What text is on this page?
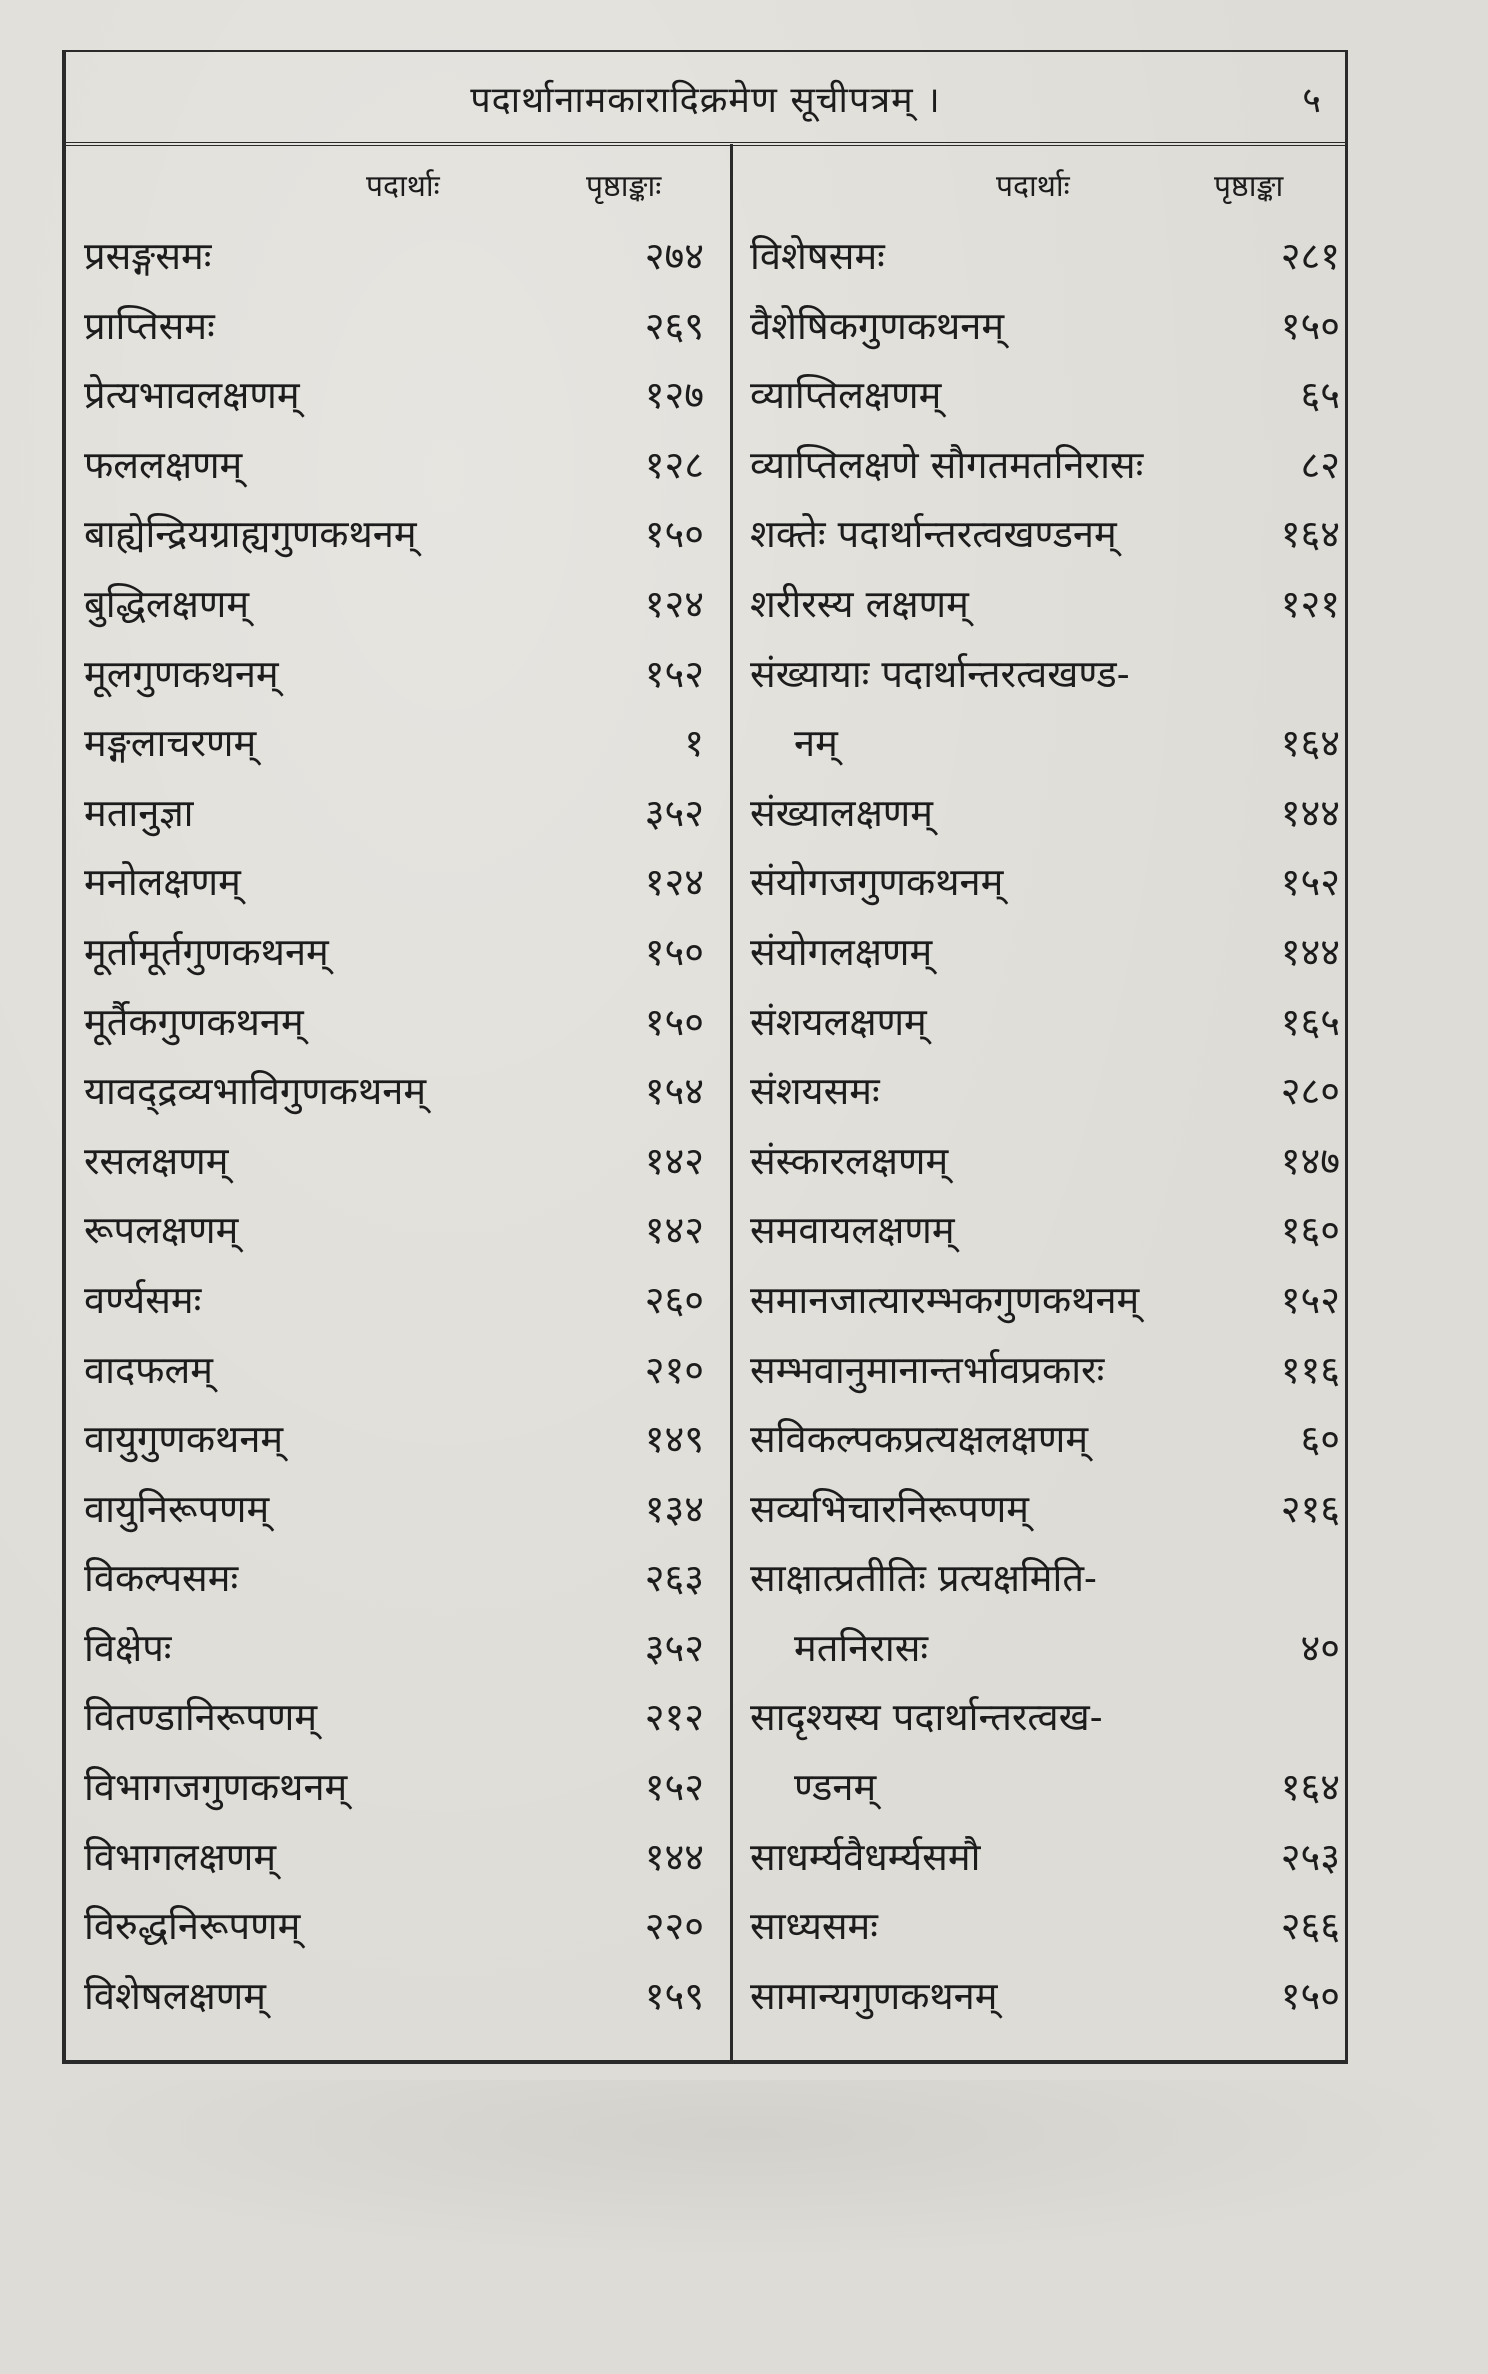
पदार्थानामकारादिक्रमेण सूचीपत्रम् ।	५
पदार्थाः	पृष्ठाङ्काः	पदार्थाः	पृष्ठाङ्का
प्रसङ्गसमः	२७४
प्राप्तिसमः	२६९
प्रेत्यभावलक्षणम्	१२७
फललक्षणम्	१२८
बाह्येन्द्रियग्राह्यगुणकथनम्	१५०
बुद्धिलक्षणम्	१२४
मूलगुणकथनम्	१५२
मङ्गलाचरणम्	१
मतानुज्ञा	३५२
मनोलक्षणम्	१२४
मूर्तामूर्तगुणकथनम्	१५०
मूर्तैकगुणकथनम्	१५०
यावद्द्रव्यभाविगुणकथनम्	१५४
रसलक्षणम्	१४२
रूपलक्षणम्	१४२
वर्ण्यसमः	२६०
वादफलम्	२१०
वायुगुणकथनम्	१४९
वायुनिरूपणम्	१३४
विकल्पसमः	२६३
विक्षेपः	३५२
वितण्डानिरूपणम्	२१२
विभागजगुणकथनम्	१५२
विभागलक्षणम्	१४४
विरुद्धनिरूपणम्	२२०
विशेषलक्षणम्	१५९
विशेषसमः	२८१
वैशेषिकगुणकथनम्	१५०
व्याप्तिलक्षणम्	६५
व्याप्तिलक्षणे सौगतमतनिरासः	८२
शक्तेः पदार्थान्तरत्वखण्डनम्	१६४
शरीरस्य लक्षणम्	१२१
संख्यायाः पदार्थान्तरत्वखण्ड-
नम्	१६४
संख्यालक्षणम्	१४४
संयोगजगुणकथनम्	१५२
संयोगलक्षणम्	१४४
संशयलक्षणम्	१६५
संशयसमः	२८०
संस्कारलक्षणम्	१४७
समवायलक्षणम्	१६०
समानजात्यारम्भकगुणकथनम्	१५२
सम्भवानुमानान्तर्भावप्रकारः	११६
सविकल्पकप्रत्यक्षलक्षणम्	६०
सव्यभिचारनिरूपणम्	२१६
साक्षात्प्रतीतिः प्रत्यक्षमिति-
मतनिरासः	४०
सादृश्यस्य पदार्थान्तरत्वख-
ण्डनम्	१६४
साधर्म्यवैधर्म्यसमौ	२५३
साध्यसमः	२६६
सामान्यगुणकथनम्	१५०
